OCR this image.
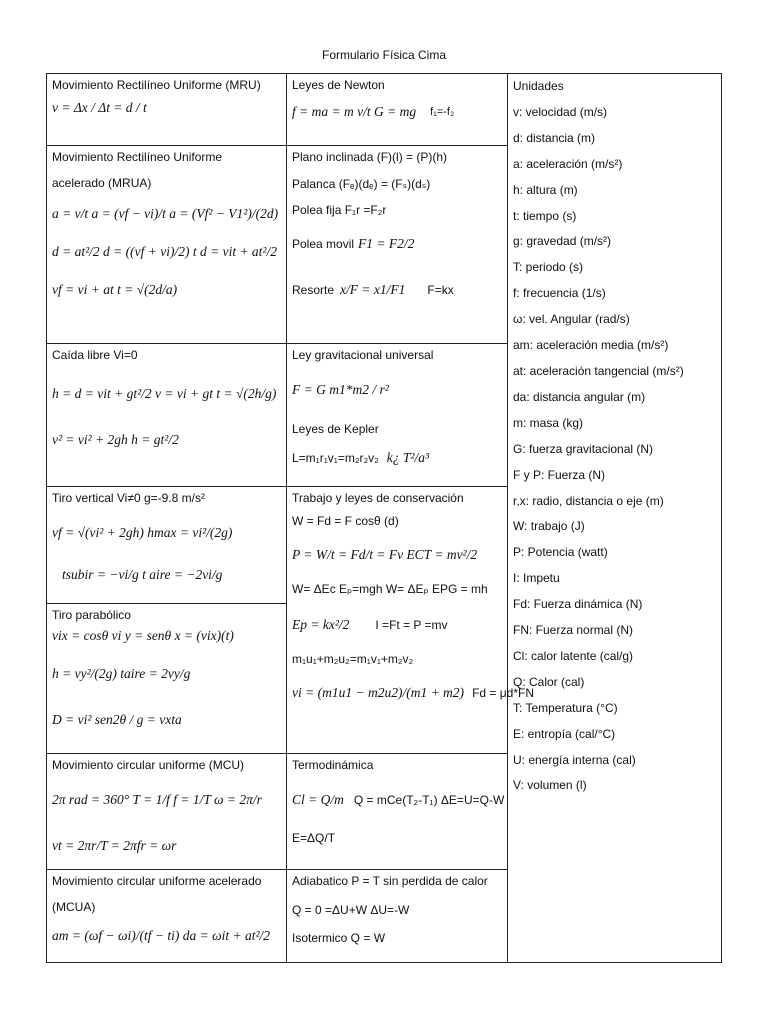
Formulario Física Cima
Movimiento Rectilíneo Uniforme (MRU)
v = Δx / Δt = d / t
Movimiento Rectilíneo Uniforme
acelerado (MRUA)
a = v/t a = (vf − vi)/t a = (Vf² − V1²)/(2d)
d = at²/2 d = ((vf + vi)/2) t d = vit + at²/2
vf = vi + at t = √(2d/a)
Caída libre Vi=0
h = d = vit + gt²/2 v = vi + gt t = √(2h/g)
v² = vi² + 2gh h = gt²/2
Tiro vertical Vi≠0 g=-9.8 m/s²
vf = √(vi² + 2gh) hmax = vi²/(2g)
tsubir = −vi/g t aire = −2vi/g
Tiro parabólico
vix = cosθ vi y = senθ x = (vix)(t)
h = vy²/(2g) taire = 2vy/g
D = vi² sen2θ / g = vxta
Movimiento circular uniforme (MCU)
2π rad = 360° T = 1/f f = 1/T ω = 2π/r
vt = 2πr/T = 2πfr = ωr
Movimiento circular uniforme acelerado
(MCUA)
am = (ωf − ωi)/(tf − ti) da = ωit + at²/2
Leyes de Newton
f = ma = m v/t G = mg f₁=-f₂
Plano inclinada (F)(l) = (P)(h)
Palanca (Fₑ)(dₑ) = (Fₛ)(dₛ)
Polea fija F₁r =F₂r
Polea movil F1 = F2/2
Resorte x/F = x1/F1 F=kx
Ley gravitacional universal
F = G m1*m2 / r²
Leyes de Kepler
L=m₁r₁v₁=m₂r₂v₂ k¿ T²/a³
Trabajo y leyes de conservación
W = Fd = F cosθ (d)
P = W/t = Fd/t = Fv ECT = mv²/2
W= ΔEc Eₚ=mgh W= ΔEₚ EPG = mh
Ep = kx²/2 I =Ft = P =mv
m₁u₁+m₂u₂=m₁v₁+m₂v₂
vi = (m1u1 − m2u2)/(m1 + m2) Fd = μd*FN
Termodinámica
Cl = Q/m Q = mCe(T₂-T₁) ΔE=U=Q-W
E=ΔQ/T
Adiabatico P = T sin perdida de calor
Q = 0 =ΔU+W ΔU=-W
Isotermico Q = W
Unidades
v: velocidad (m/s)
d: distancia (m)
a: aceleración (m/s²)
h: altura (m)
t: tiempo (s)
g: gravedad (m/s²)
T: periodo (s)
f: frecuencia (1/s)
ω: vel. Angular (rad/s)
am: aceleración media (m/s²)
at: aceleración tangencial (m/s²)
da: distancia angular (m)
m: masa (kg)
G: fuerza gravitacional (N)
F y P: Fuerza (N)
r,x: radio, distancia o eje (m)
W: trabajo (J)
P: Potencia (watt)
I: Impetu
Fd: Fuerza dinámica (N)
FN: Fuerza normal (N)
Cl: calor latente (cal/g)
Q: Calor (cal)
T: Temperatura (°C)
E: entropía (cal/°C)
U: energía interna (cal)
V: volumen (l)
